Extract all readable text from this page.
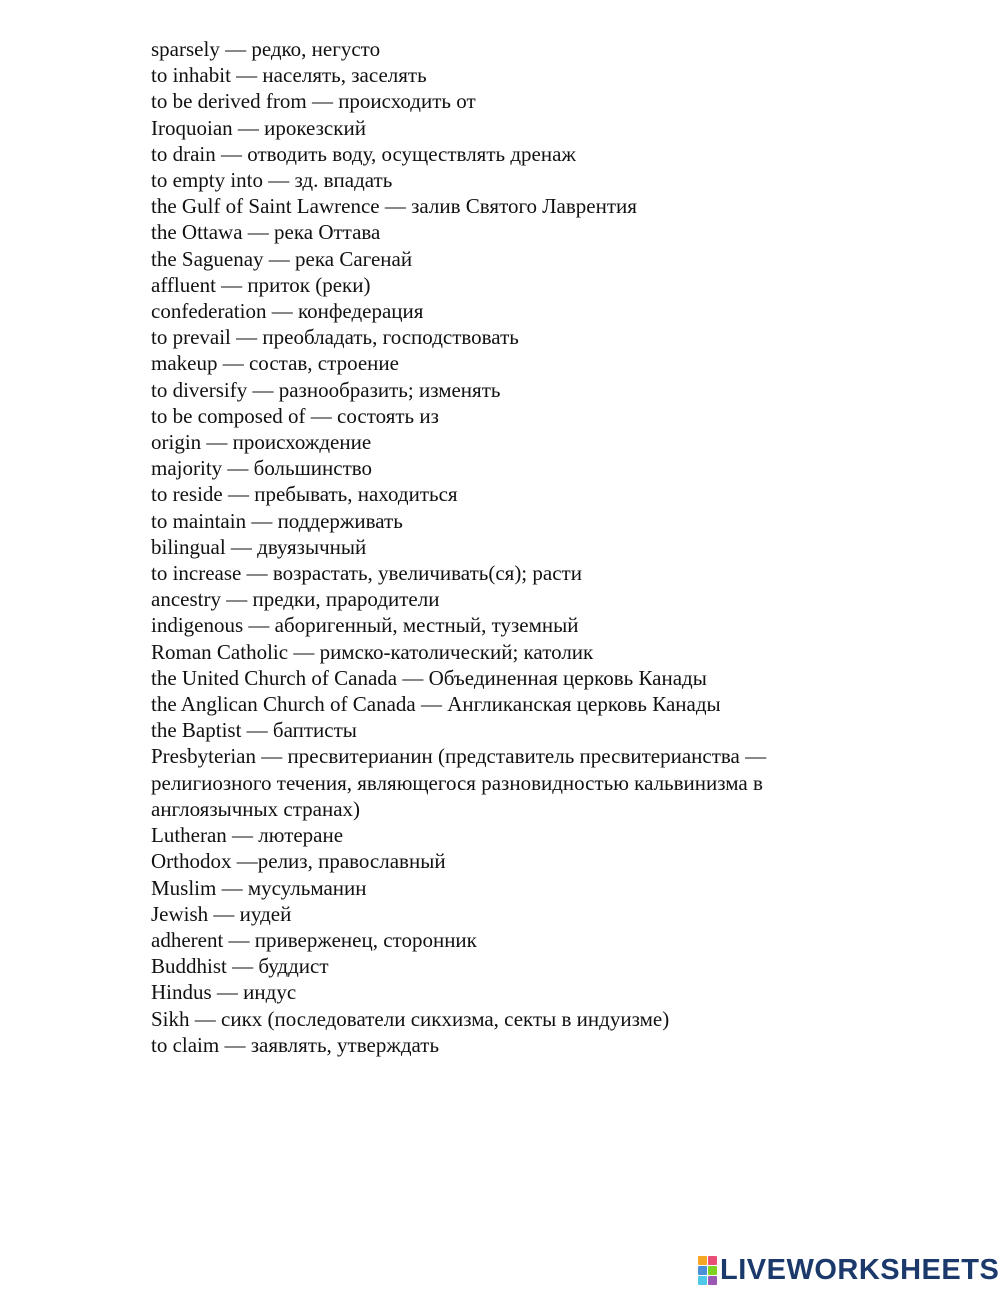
sparsely — редко, негусто
to inhabit — населять, заселять
to be derived from — происходить от
Iroquoian — ирокезский
to drain — отводить воду, осуществлять дренаж
to empty into — зд. впадать
the Gulf of Saint Lawrence — залив Святого Лаврентия
the Ottawa — река Оттава
the Saguenay — река Сагенай
affluent — приток (реки)
confederation — конфедерация
to prevail — преобладать, господствовать
makeup — состав, строение
to diversify — разнообразить; изменять
to be composed of — состоять из
origin — происхождение
majority — большинство
to reside — пребывать, находиться
to maintain — поддерживать
bilingual — двуязычный
to increase — возрастать, увеличивать(ся); расти
ancestry — предки, прародители
indigenous — аборигенный, местный, туземный
Roman Catholic — римско-католический; католик
the United Church of Canada — Объединенная церковь Канады
the Anglican Church of Canada — Англиканская церковь Канады
the Baptist — баптисты
Presbyterian — пресвитерианин (представитель пресвитерианства — религиозного течения, являющегося разновидностью кальвинизма в англоязычных странах)
Lutheran — лютеране
Orthodox —релиз, православный
Muslim — мусульманин
Jewish — иудей
adherent — приверженец, сторонник
Buddhist — буддист
Hindus — индус
Sikh — сикх (последователи сикхизма, секты в индуизме)
to claim — заявлять, утверждать
LIVEWORKSHEETS
